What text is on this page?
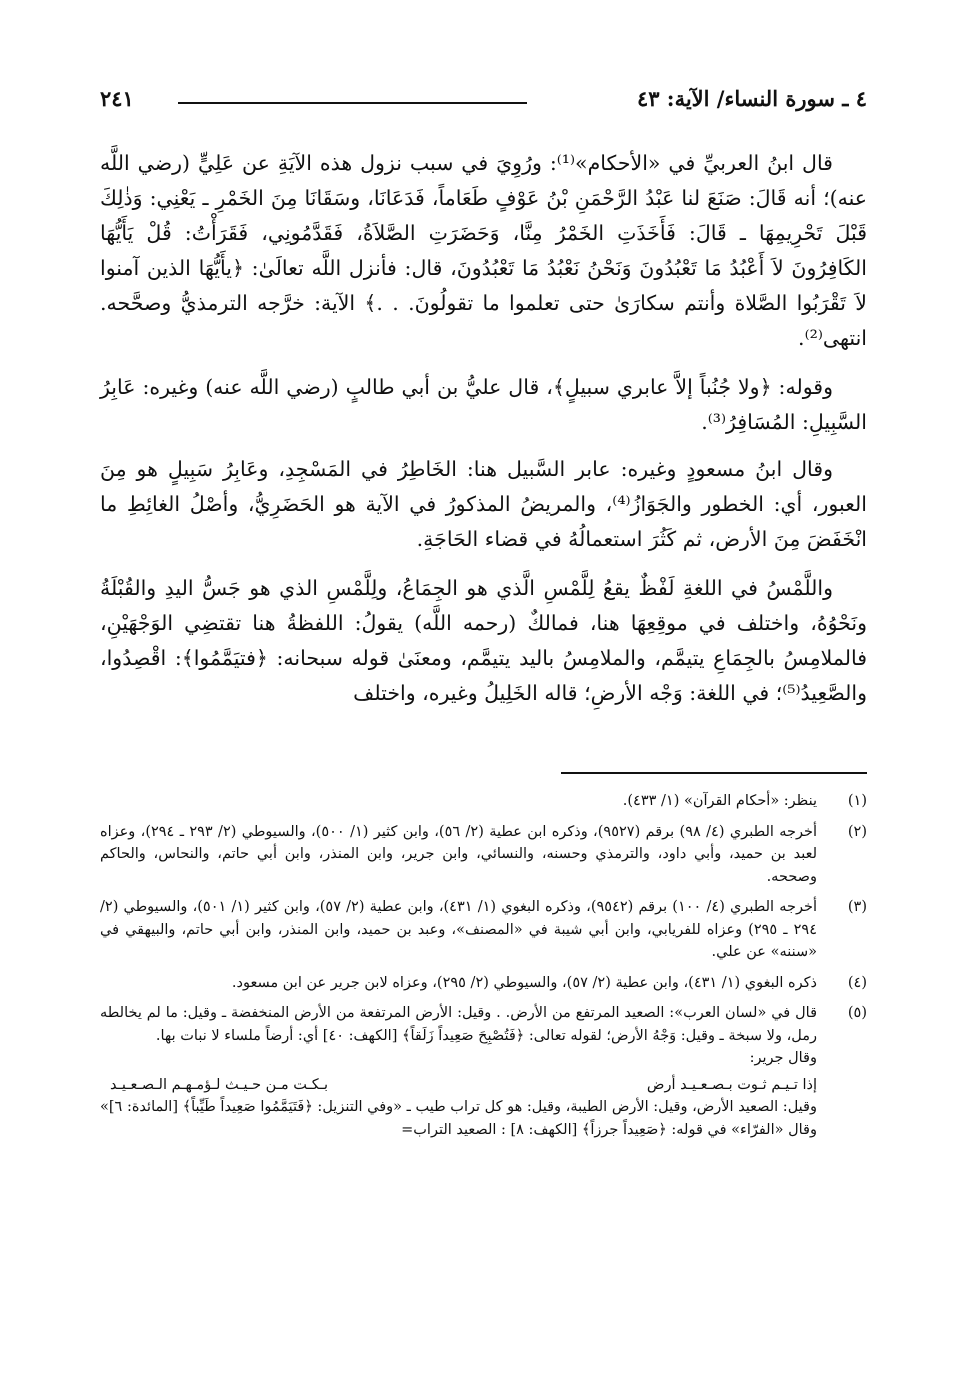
٤ ـ سورة النساء/ الآية: ٤٣
٢٤١

قال ابنُ العربيِّ في «الأحكام»⁽¹⁾: ورُوِيَ في سبب نزول هذه الآيَةِ عن عَلِيٍّ (رضي اللَّه عنه)؛ أنه قَالَ: صَنَعَ لنا عَبْدُ الرَّحْمَنِ بْنُ عَوْفٍ طَعَاماً، فَدَعَانَا، وسَقَانَا مِنَ الخَمْرِ ـ يَعْنِي: وَذٰلِكَ قَبْلَ تَحْرِيمِهَا ـ قَالَ: فَأَخَذَتِ الخَمْرُ مِنَّا، وَحَضَرَتِ الصَّلاَةُ، فَقَدَّمُونِي، فَقَرَأْتُ: قُلْ يَأَيُّهَا الكَافِرُونَ لاَ أَعْبُدُ مَا تَعْبُدُونَ وَنَحْنُ نَعْبُدُ مَا تَعْبُدُونَ، قال: فأنزل اللَّه تعالَىٰ: ﴿يأَيُّهَا الذين آمنوا لاَ تَقْرَبُوا الصَّلاة وأنتم سكارَىٰ حتى تعلموا ما تقولُونَ. . .﴾ الآية: خرَّجه الترمذيُّ وصحَّحه. انتهى⁽²⁾.

وقوله: ﴿ولا جُنُباً إلاَّ عابري سبيلٍ﴾، قال عليُّ بن أبي طالبٍ (رضي اللَّه عنه) وغيره: عَابِرُ السَّبِيلِ: المُسَافِرُ⁽³⁾.

وقال ابنُ مسعودٍ وغيره: عابر السَّبيل هنا: الخَاطِرُ في المَسْجِدِ، وعَابِرُ سَبِيلٍ هو مِنَ العبور، أي: الخطور والجَوَازُ⁽⁴⁾، والمريضُ المذكورُ في الآية هو الحَضَرِيُّ، وأصْلُ الغائِطِ ما انْخَفَضَ مِنَ الأرض، ثم كَثُرَ استعمالُهُ في قضاء الحَاجَةِ.

واللَّمْسُ في اللغةِ لَفْظٌ يقعُ لِلَّمْسِ الَّذي هو الجِمَاعُ، ولِلَّمْسِ الذي هو جَسُّ اليدِ والقُبْلَةُ ونَحْوُهُ، واختلف في موقِعِهَا هنا، فمالكٌ (رحمه اللَّه) يقولُ: اللفظةُ هنا تقتضِي الوَجْهَيْنِ، فالملامِسُ بالجِمَاعِ يتيمَّم، والملامِسُ باليد يتيمَّم، ومعنَىٰ قوله سبحانه: ﴿فتيَمَّمُوا﴾: اقْصِدُوا، والصَّعِيدُ⁽⁵⁾؛ في اللغة: وَجْه الأرضِ؛ قاله الخَلِيلُ وغيره، واختلف

(١)
ينظر: «أحكام القرآن» (١/ ٤٣٣).
(٢)
أخرجه الطبري (٤/ ٩٨) برقم (٩٥٢٧)، وذكره ابن عطية (٢/ ٥٦)، وابن كثير (١/ ٥٠٠)، والسيوطي (٢/ ٢٩٣ ـ ٢٩٤)، وعزاه لعبد بن حميد، وأبي داود، والترمذي وحسنه، والنسائي، وابن جرير، وابن المنذر، وابن أبي حاتم، والنحاس، والحاكم وصححه.
(٣)
أخرجه الطبري (٤/ ١٠٠) برقم (٩٥٤٢)، وذكره البغوي (١/ ٤٣١)، وابن عطية (٢/ ٥٧)، وابن كثير (١/ ٥٠١)، والسيوطي (٢/ ٢٩٤ ـ ٢٩٥) وعزاه للفريابي، وابن أبي شيبة في «المصنف»، وعبد بن حميد، وابن المنذر، وابن أبي حاتم، والبيهقي في «سننه» عن علي.
(٤)
ذكره البغوي (١/ ٤٣١)، وابن عطية (٢/ ٥٧)، والسيوطي (٢/ ٢٩٥)، وعزاه لابن جرير عن ابن مسعود.
(٥)
قال في «لسان العرب»: الصعيد المرتفع من الأرض. . وقيل: الأرض المرتفعة من الأرض المنخفضة ـ وقيل: ما لم يخالطه رمل، ولا سبخة ـ وقيل: وَجْهُ الأرض؛ لقوله تعالى: ﴿فَتُصْبِحَ صَعِيداً زَلَقاً﴾ [الكهف: ٤٠] أي: أرضاً ملساء لا نبات بها.
وقال جرير:
إذا تـيـم ثـوت بـصـعـيـد أرض
بـكـت مـن حـيـث لـؤمـهـم الـصـعـيـد
وقيل: الصعيد الأرض، وقيل: الأرض الطيبة، وقيل: هو كل تراب طيب ـ «وفي التنزيل: ﴿فَتَيَمَّمُوا صَعِيداً طَيِّباً﴾ [المائدة: ٦]» وقال «الفرّاء» في قوله: ﴿صَعِيداً جرزاً﴾ [الكهف: ٨] : الصعيد التراب=
